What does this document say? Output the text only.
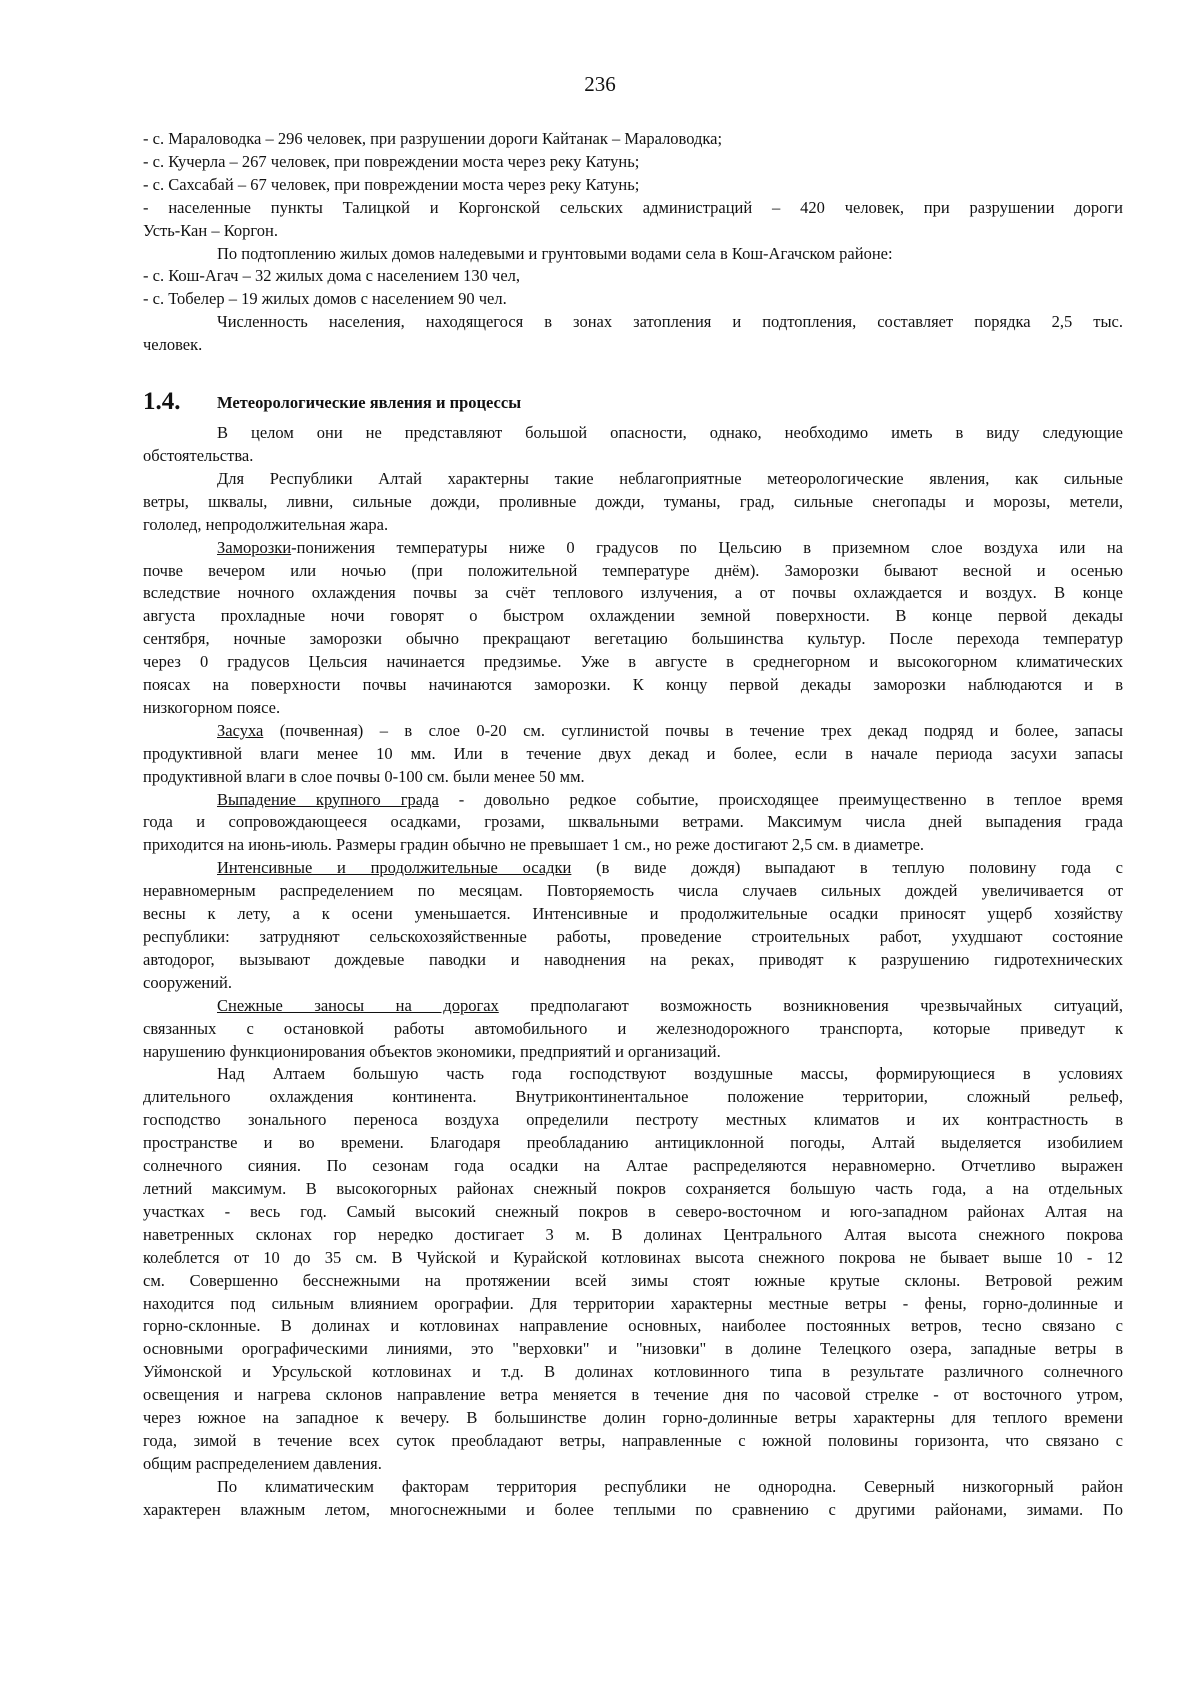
236
- с. Мараловодка – 296 человек, при разрушении дороги Кайтанак – Мараловодка;
- с. Кучерла – 267 человек, при повреждении моста через реку Катунь;
- с. Сахсабай – 67 человек, при повреждении моста через реку Катунь;
- населенные пункты Талицкой и Коргонской сельских администраций – 420 человек, при разрушении дороги
Усть-Кан – Коргон.
По подтоплению жилых домов наледевыми и грунтовыми водами села в Кош-Агачском районе:
- с. Кош-Агач – 32 жилых дома с населением 130 чел,
- с. Тобелер – 19 жилых домов с населением 90 чел.
Численность населения, находящегося в зонах затопления и подтопления, составляет порядка 2,5 тыс.
человек.
1.4. Метеорологические явления и процессы
В целом они не представляют большой опасности, однако, необходимо иметь в виду следующие
обстоятельства.
Для Республики Алтай характерны такие неблагоприятные метеорологические явления, как сильные
ветры, шквалы, ливни, сильные дожди, проливные дожди, туманы, град, сильные снегопады и морозы, метели,
гололед, непродолжительная жара.
Заморозки-понижения температуры ниже 0 градусов по Цельсию в приземном слое воздуха или на
почве вечером или ночью (при положительной температуре днём). Заморозки бывают весной и осенью
вследствие ночного охлаждения почвы за счёт теплового излучения, а от почвы охлаждается и воздух. В конце
августа прохладные ночи говорят о быстром охлаждении земной поверхности. В конце первой декады
сентября, ночные заморозки обычно прекращают вегетацию большинства культур. После перехода температур
через 0 градусов Цельсия начинается предзимье. Уже в августе в среднегорном и высокогорном климатических
поясах на поверхности почвы начинаются заморозки. К концу первой декады заморозки наблюдаются и в
низкогорном поясе.
Засуха (почвенная) – в слое 0-20 см. суглинистой почвы в течение трех декад подряд и более, запасы
продуктивной влаги менее 10 мм. Или в течение двух декад и более, если в начале периода засухи запасы
продуктивной влаги в слое почвы 0-100 см. были менее 50 мм.
Выпадение крупного града - довольно редкое событие, происходящее преимущественно в теплое время
года и сопровождающееся осадками, грозами, шквальными ветрами. Максимум числа дней выпадения града
приходится на июнь-июль. Размеры градин обычно не превышает 1 см., но реже достигают 2,5 см. в диаметре.
Интенсивные и продолжительные осадки (в виде дождя) выпадают в теплую половину года с
неравномерным распределением по месяцам. Повторяемость числа случаев сильных дождей увеличивается от
весны к лету, а к осени уменьшается. Интенсивные и продолжительные осадки приносят ущерб хозяйству
республики: затрудняют сельскохозяйственные работы, проведение строительных работ, ухудшают состояние
автодорог, вызывают дождевые паводки и наводнения на реках, приводят к разрушению гидротехнических
сооружений.
Снежные заносы на дорогах предполагают возможность возникновения чрезвычайных ситуаций,
связанных с остановкой работы автомобильного и железнодорожного транспорта, которые приведут к
нарушению функционирования объектов экономики, предприятий и организаций.
Над Алтаем большую часть года господствуют воздушные массы, формирующиеся в условиях
длительного охлаждения континента. Внутриконтинентальное положение территории, сложный рельеф,
господство зонального переноса воздуха определили пестроту местных климатов и их контрастность в
пространстве и во времени. Благодаря преобладанию антициклонной погоды, Алтай выделяется изобилием
солнечного сияния. По сезонам года осадки на Алтае распределяются неравномерно. Отчетливо выражен
летний максимум. В высокогорных районах снежный покров сохраняется большую часть года, а на отдельных
участках - весь год. Самый высокий снежный покров в северо-восточном и юго-западном районах Алтая на
наветренных склонах гор нередко достигает 3 м. В долинах Центрального Алтая высота снежного покрова
колеблется от 10 до 35 см. В Чуйской и Курайской котловинах высота снежного покрова не бывает выше 10 - 12
см. Совершенно бесснежными на протяжении всей зимы стоят южные крутые склоны. Ветровой режим
находится под сильным влиянием орографии. Для территории характерны местные ветры - фены, горно-долинные и
горно-склонные. В долинах и котловинах направление основных, наиболее постоянных ветров, тесно связано с
основными орографическими линиями, это "верховки" и "низовки" в долине Телецкого озера, западные ветры в
Уймонской и Урсульской котловинах и т.д. В долинах котловинного типа в результате различного солнечного
освещения и нагрева склонов направление ветра меняется в течение дня по часовой стрелке - от восточного утром,
через южное на западное к вечеру. В большинстве долин горно-долинные ветры характерны для теплого времени
года, зимой в течение всех суток преобладают ветры, направленные с южной половины горизонта, что связано с
общим распределением давления.
По климатическим факторам территория республики не однородна. Северный низкогорный район
характерен влажным летом, многоснежными и более теплыми по сравнению с другими районами, зимами. По
